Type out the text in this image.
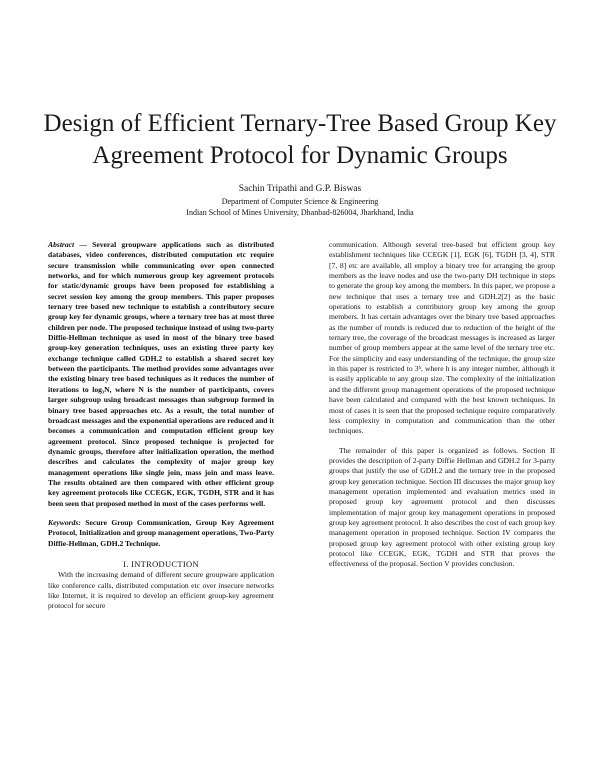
Design of Efficient Ternary-Tree Based Group Key Agreement Protocol for Dynamic Groups
Sachin Tripathi and G.P. Biswas
Department of Computer Science & Engineering
Indian School of Mines University, Dhanbad-826004, Jharkhand, India

Abstract — Several groupware applications such as distributed databases, video conferences, distributed computation etc require secure transmission while communicating over open connected networks, and for which numerous group key agreement protocols for static/dynamic groups have been proposed for establishing a secret session key among the group members. This paper proposes ternary tree based new technique to establish a contributory secure group key for dynamic groups, where a ternary tree has at most three children per node. The proposed technique instead of using two-party Diffie-Hellman technique as used in most of the binary tree based group-key generation techniques, uses an existing three party key exchange technique called GDH.2 to establish a shared secret key between the participants. The method provides some advantages over the existing binary tree based techniques as it reduces the number of iterations to log₃N, where N is the number of participants, covers larger subgroup using broadcast messages than subgroup formed in binary tree based approaches etc. As a result, the total number of broadcast messages and the exponential operations are reduced and it becomes a communication and computation efficient group key agreement protocol. Since proposed technique is projected for dynamic groups, therefore after initialization operation, the method describes and calculates the complexity of major group key management operations like single join, mass join and mass leave. The results obtained are then compared with other efficient group key agreement protocols like CCEGK, EGK, TGDH, STR and it has been seen that proposed method in most of the cases performs well.

Keywords: Secure Group Communication, Group Key Agreement Protocol, Initialization and group management operations, Two-Party Diffie-Hellman, GDH.2 Technique.

I. INTRODUCTION

With the increasing demand of different secure groupware application like conference calls, distributed computation etc over insecure networks like Internet, it is required to develop an efficient group-key agreement protocol for secure

communication. Although several tree-based but efficient group key establishment techniques like CCEGK [1], EGK [6], TGDH [3, 4], STR [7, 8] etc are available, all employ a binary tree for arranging the group members as the leave nodes and use the two-party DH technique in steps to generate the group key among the members. In this paper, we propose a new technique that uses a ternary tree and GDH.2[2] as the basic operations to establish a contributory group key among the group members. It has certain advantages over the binary tree based approaches as the number of rounds is reduced due to reduction of the height of the ternary tree, the coverage of the broadcast messages is increased as larger number of group members appear at the same level of the ternary tree etc. For the simplicity and easy understanding of the technique, the group size in this paper is restricted to 3ʰ, where h is any integer number, although it is easily applicable to any group size. The complexity of the initialization and the different group management operations of the proposed technique have been calculated and compared with the best known techniques. In most of cases it is seen that the proposed technique require comparatively less complexity in computation and communication than the other techniques.

The remainder of this paper is organized as follows. Section II provides the description of 2-party Diffie Hellman and GDH.2 for 3-party groups that justify the use of GDH.2 and the ternary tree in the proposed group key generation technique. Section III discusses the major group key management operation implemented and evaluation metrics used in proposed group key agreement protocol and then discusses implementation of major group key management operations in proposed group key agreement protocol. It also describes the cost of each group key management operation in proposed technique. Section IV compares the proposed group key agreement protocol with other existing group key protocol like CCEGK, EGK, TGDH and STR that proves the effectiveness of the proposal. Section V provides conclusion.
